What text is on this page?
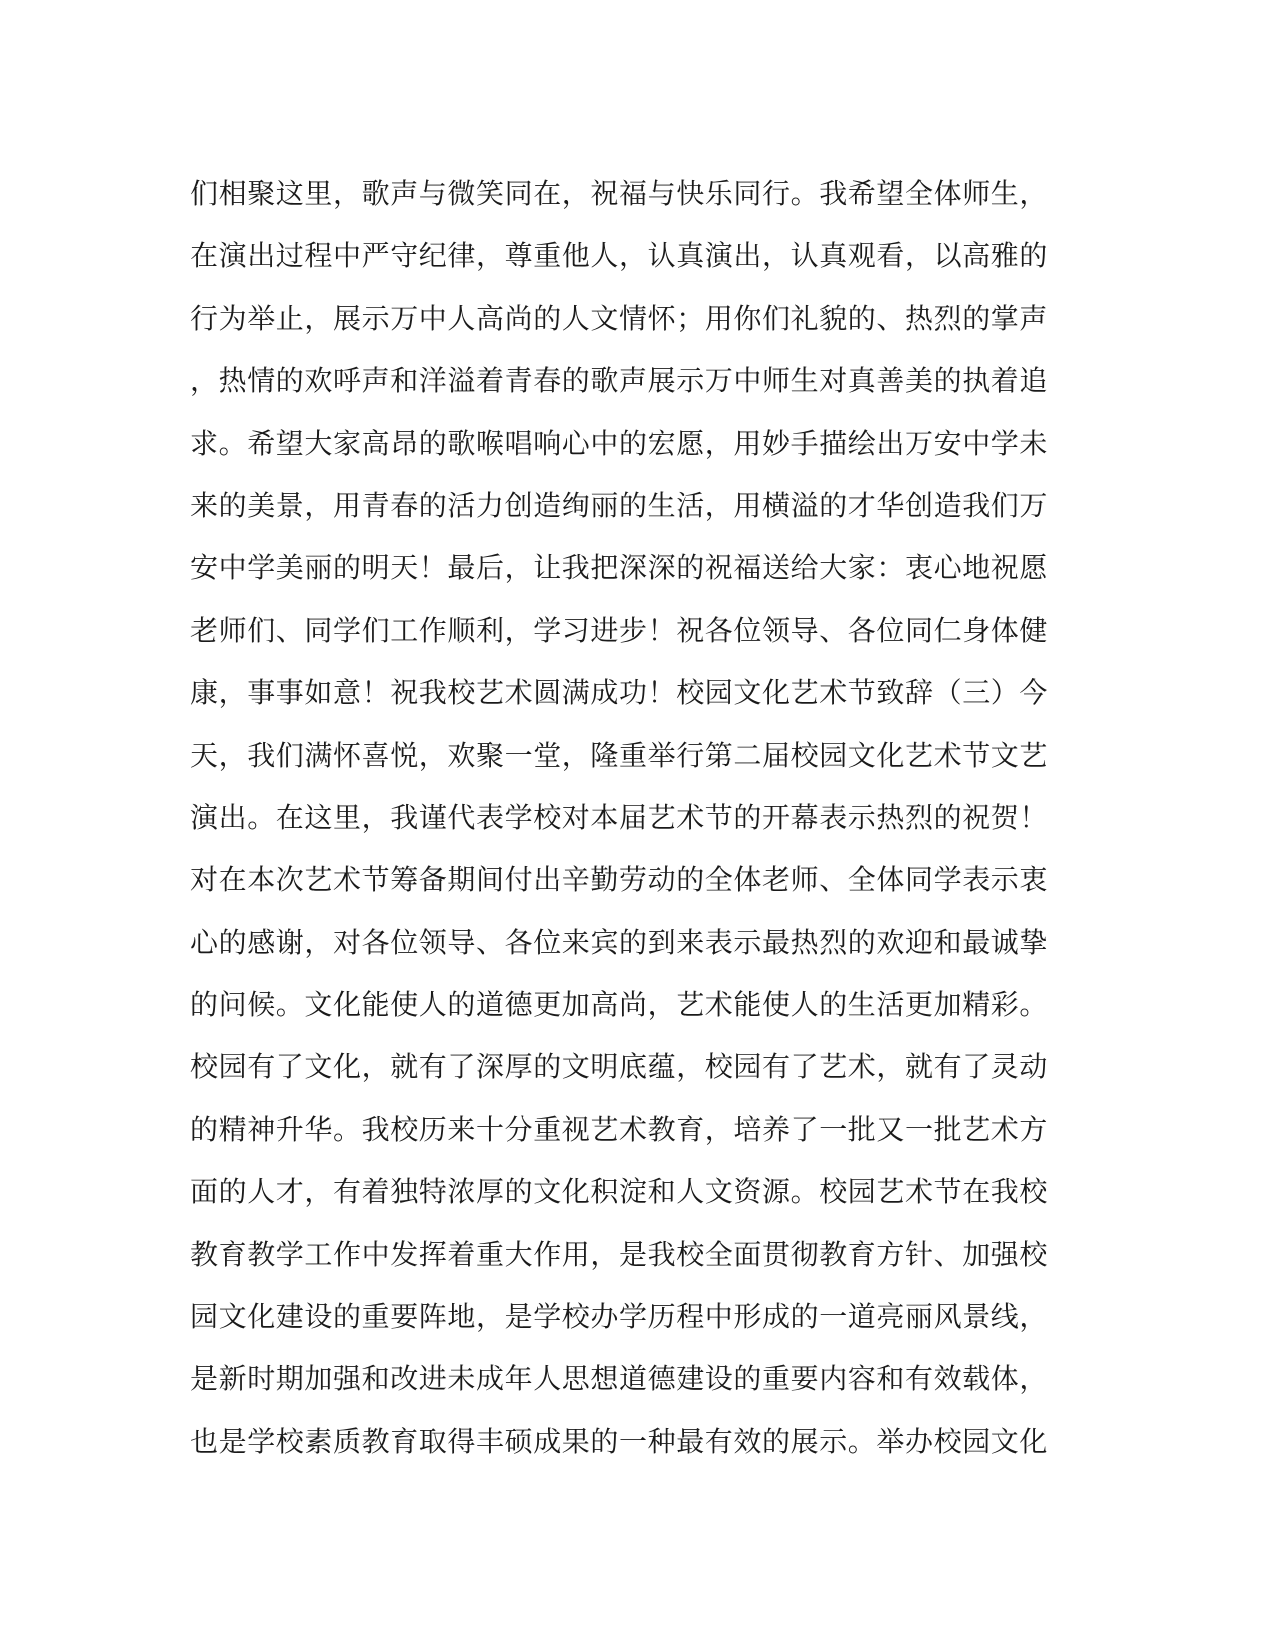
们相聚这里，歌声与微笑同在，祝福与快乐同行。我希望全体师生，
在演出过程中严守纪律，尊重他人，认真演出，认真观看，以高雅的
行为举止，展示万中人高尚的人文情怀；用你们礼貌的、热烈的掌声
，热情的欢呼声和洋溢着青春的歌声展示万中师生对真善美的执着追
求。希望大家高昂的歌喉唱响心中的宏愿，用妙手描绘出万安中学未
来的美景，用青春的活力创造绚丽的生活，用横溢的才华创造我们万
安中学美丽的明天！最后，让我把深深的祝福送给大家：衷心地祝愿
老师们、同学们工作顺利，学习进步！祝各位领导、各位同仁身体健
康，事事如意！祝我校艺术圆满成功！校园文化艺术节致辞（三）今
天，我们满怀喜悦，欢聚一堂，隆重举行第二届校园文化艺术节文艺
演出。在这里，我谨代表学校对本届艺术节的开幕表示热烈的祝贺！
对在本次艺术节筹备期间付出辛勤劳动的全体老师、全体同学表示衷
心的感谢，对各位领导、各位来宾的到来表示最热烈的欢迎和最诚挚
的问候。文化能使人的道德更加高尚，艺术能使人的生活更加精彩。
校园有了文化，就有了深厚的文明底蕴，校园有了艺术，就有了灵动
的精神升华。我校历来十分重视艺术教育，培养了一批又一批艺术方
面的人才，有着独特浓厚的文化积淀和人文资源。校园艺术节在我校
教育教学工作中发挥着重大作用，是我校全面贯彻教育方针、加强校
园文化建设的重要阵地，是学校办学历程中形成的一道亮丽风景线，
是新时期加强和改进未成年人思想道德建设的重要内容和有效载体，
也是学校素质教育取得丰硕成果的一种最有效的展示。举办校园文化
